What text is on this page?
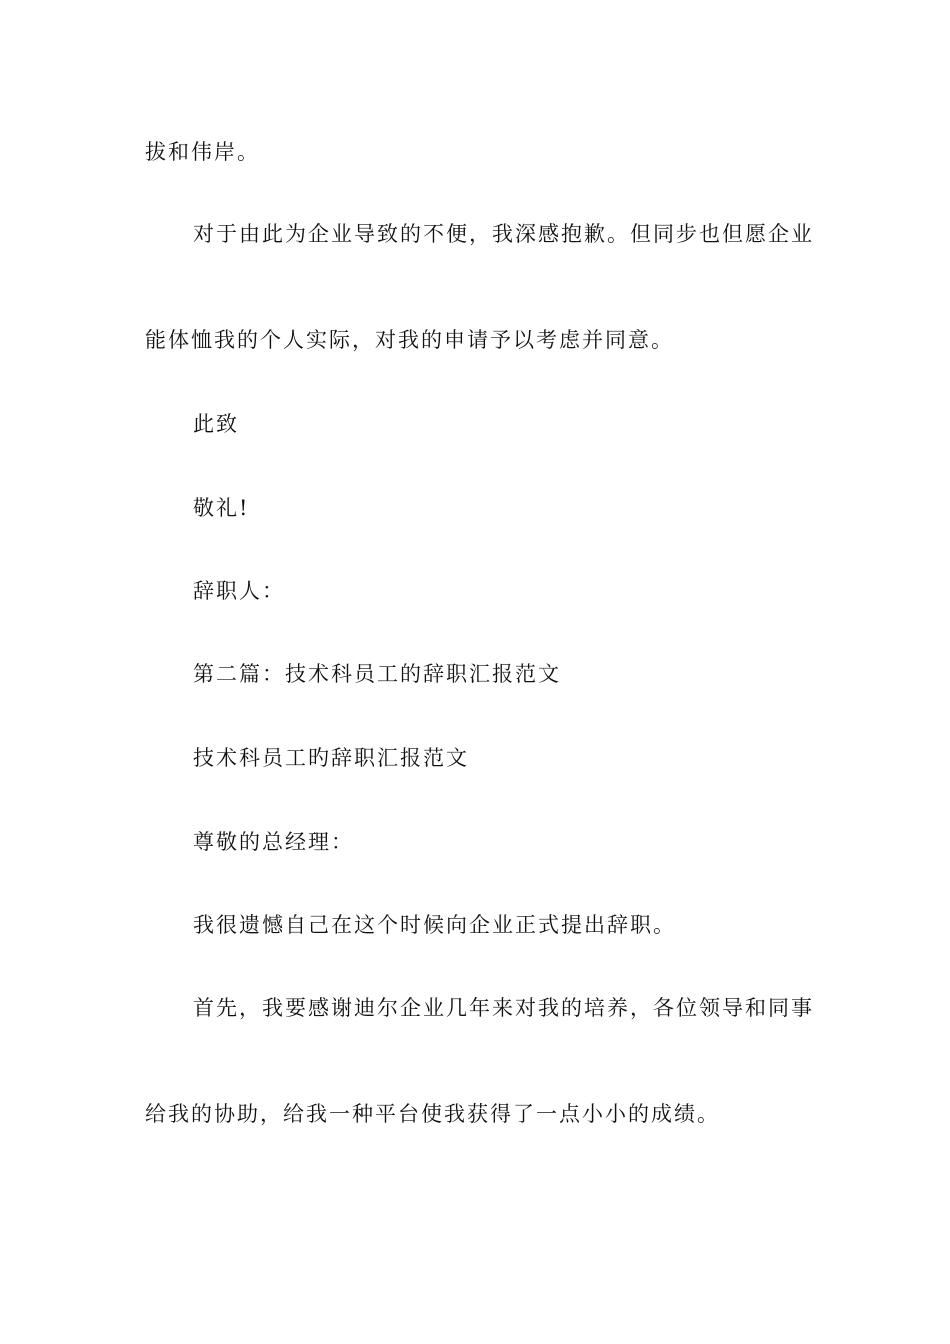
拔和伟岸。
对于由此为企业导致的不便，我深感抱歉。但同步也但愿企业
能体恤我的个人实际，对我的申请予以考虑并同意。
此致
敬礼!
辞职人：
第二篇：技术科员工的辞职汇报范文
技术科员工旳辞职汇报范文
尊敬的总经理：
我很遗憾自己在这个时候向企业正式提出辞职。
首先，我要感谢迪尔企业几年来对我的培养，各位领导和同事
给我的协助，给我一种平台使我获得了一点小小的成绩。
